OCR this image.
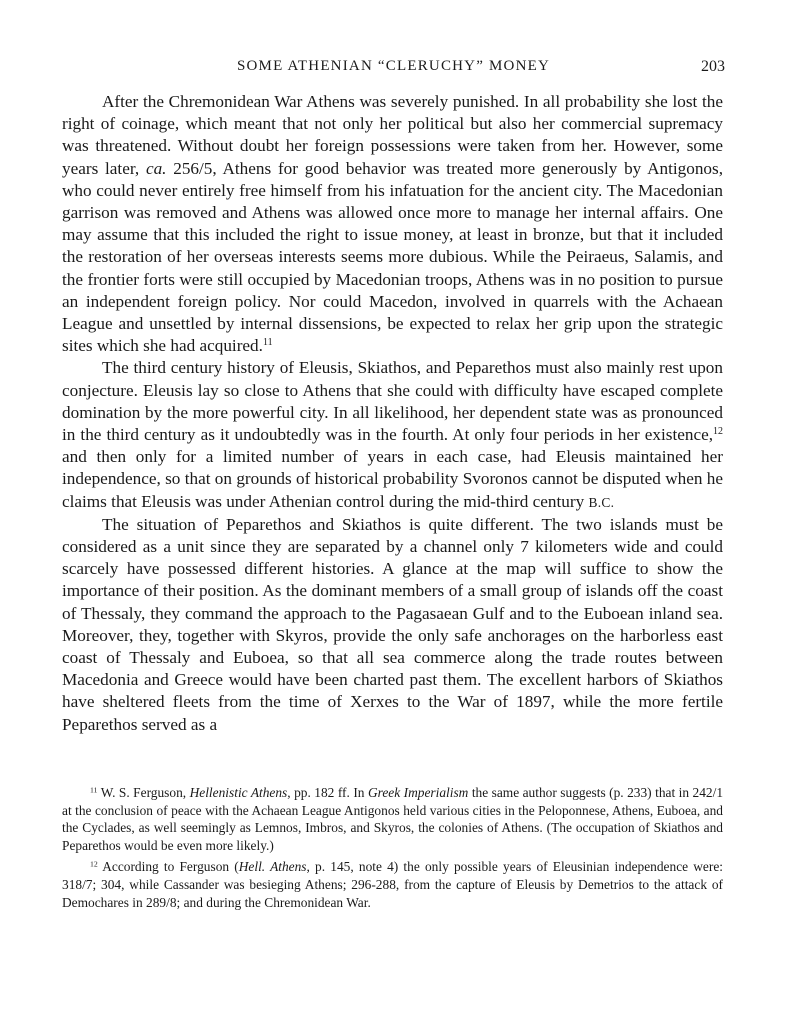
SOME ATHENIAN “CLERUCHY” MONEY	203

After the Chremonidean War Athens was severely punished. In all probability she lost the right of coinage, which meant that not only her political but also her commercial supremacy was threatened. Without doubt her foreign possessions were taken from her. However, some years later, ca. 256/5, Athens for good behavior was treated more generously by Antigonos, who could never entirely free himself from his infatuation for the ancient city. The Macedonian garrison was removed and Athens was allowed once more to manage her internal affairs. One may assume that this included the right to issue money, at least in bronze, but that it included the restoration of her overseas interests seems more dubious. While the Peiraeus, Salamis, and the frontier forts were still occupied by Macedonian troops, Athens was in no position to pursue an independent foreign policy. Nor could Macedon, involved in quarrels with the Achaean League and unsettled by internal dissensions, be expected to relax her grip upon the strategic sites which she had acquired.$^{11}$

The third century history of Eleusis, Skiathos, and Peparethos must also mainly rest upon conjecture. Eleusis lay so close to Athens that she could with difficulty have escaped complete domination by the more powerful city. In all likelihood, her dependent state was as pronounced in the third century as it undoubtedly was in the fourth. At only four periods in her existence,$^{12}$ and then only for a limited number of years in each case, had Eleusis maintained her independence, so that on grounds of historical probability Svoronos cannot be disputed when he claims that Eleusis was under Athenian control during the mid-third century B.C.

The situation of Peparethos and Skiathos is quite different. The two islands must be considered as a unit since they are separated by a channel only 7 kilometers wide and could scarcely have possessed different histories. A glance at the map will suffice to show the importance of their position. As the dominant members of a small group of islands off the coast of Thessaly, they command the approach to the Pagasaean Gulf and to the Euboean inland sea. Moreover, they, together with Skyros, provide the only safe anchorages on the harborless east coast of Thessaly and Euboea, so that all sea commerce along the trade routes between Macedonia and Greece would have been charted past them. The excellent harbors of Skiathos have sheltered fleets from the time of Xerxes to the War of 1897, while the more fertile Peparethos served as a

$^{11}$ W. S. Ferguson, Hellenistic Athens, pp. 182 ff. In Greek Imperialism the same author suggests (p. 233) that in 242/1 at the conclusion of peace with the Achaean League Antigonos held various cities in the Peloponnese, Athens, Euboea, and the Cyclades, as well seemingly as Lemnos, Imbros, and Skyros, the colonies of Athens. (The occupation of Skiathos and Peparethos would be even more likely.)

$^{12}$ According to Ferguson (Hell. Athens, p. 145, note 4) the only possible years of Eleusinian independence were: 318/7; 304, while Cassander was besieging Athens; 296-288, from the capture of Eleusis by Demetrios to the attack of Demochares in 289/8; and during the Chremonidean War.
